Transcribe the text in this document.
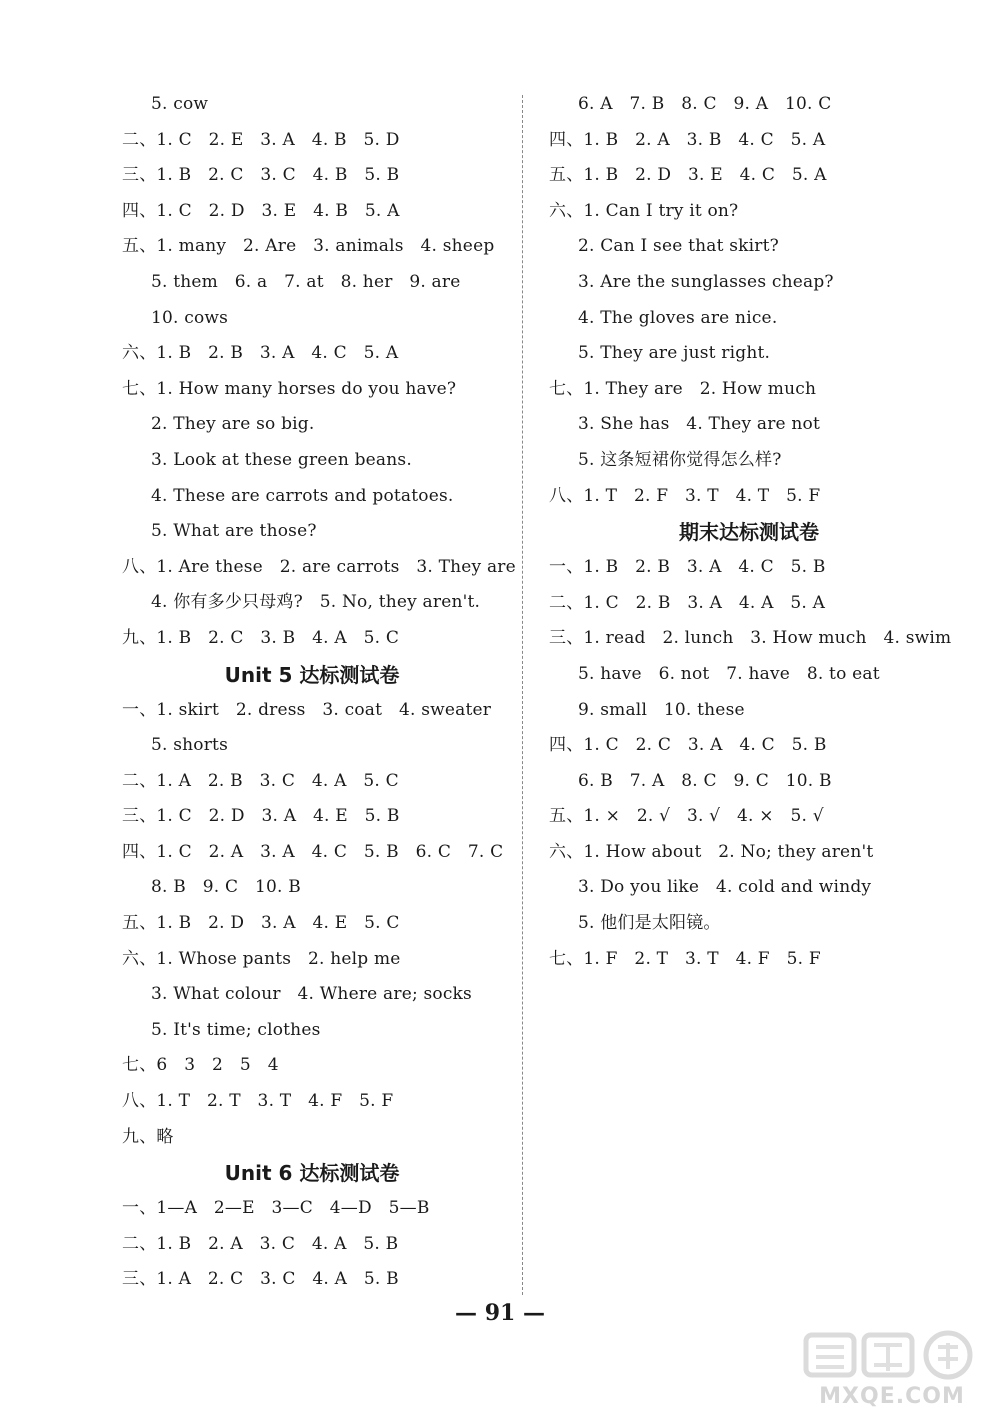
5. cow
二、1. C   2. E   3. A   4. B   5. D
三、1. B   2. C   3. C   4. B   5. B
四、1. C   2. D   3. E   4. B   5. A
五、1. many   2. Are   3. animals   4. sheep
5. them   6. a   7. at   8. her   9. are
10. cows
六、1. B   2. B   3. A   4. C   5. A
七、1. How many horses do you have?
2. They are so big.
3. Look at these green beans.
4. These are carrots and potatoes.
5. What are those?
八、1. Are these   2. are carrots   3. They are
4. 你有多少只母鸡?   5. No, they aren't.
九、1. B   2. C   3. B   4. A   5. C
Unit 5 达标测试卷
一、1. skirt   2. dress   3. coat   4. sweater
5. shorts
二、1. A   2. B   3. C   4. A   5. C
三、1. C   2. D   3. A   4. E   5. B
四、1. C   2. A   3. A   4. C   5. B   6. C   7. C
8. B   9. C   10. B
五、1. B   2. D   3. A   4. E   5. C
六、1. Whose pants   2. help me
3. What colour   4. Where are; socks
5. It's time; clothes
七、6   3   2   5   4
八、1. T   2. T   3. T   4. F   5. F
九、略
Unit 6 达标测试卷
一、1—A   2—E   3—C   4—D   5—B
二、1. B   2. A   3. C   4. A   5. B
三、1. A   2. C   3. C   4. A   5. B
6. A   7. B   8. C   9. A   10. C
四、1. B   2. A   3. B   4. C   5. A
五、1. B   2. D   3. E   4. C   5. A
六、1. Can I try it on?
2. Can I see that skirt?
3. Are the sunglasses cheap?
4. The gloves are nice.
5. They are just right.
七、1. They are   2. How much
3. She has   4. They are not
5. 这条短裙你觉得怎么样?
八、1. T   2. F   3. T   4. T   5. F
期末达标测试卷
一、1. B   2. B   3. A   4. C   5. B
二、1. C   2. B   3. A   4. A   5. A
三、1. read   2. lunch   3. How much   4. swim
5. have   6. not   7. have   8. to eat
9. small   10. these
四、1. C   2. C   3. A   4. C   5. B
6. B   7. A   8. C   9. C   10. B
五、1. ×   2. √   3. √   4. ×   5. √
六、1. How about   2. No; they aren't
3. Do you like   4. cold and windy
5. 他们是太阳镜。
七、1. F   2. T   3. T   4. F   5. F
— 91 —
MXQE.COM
